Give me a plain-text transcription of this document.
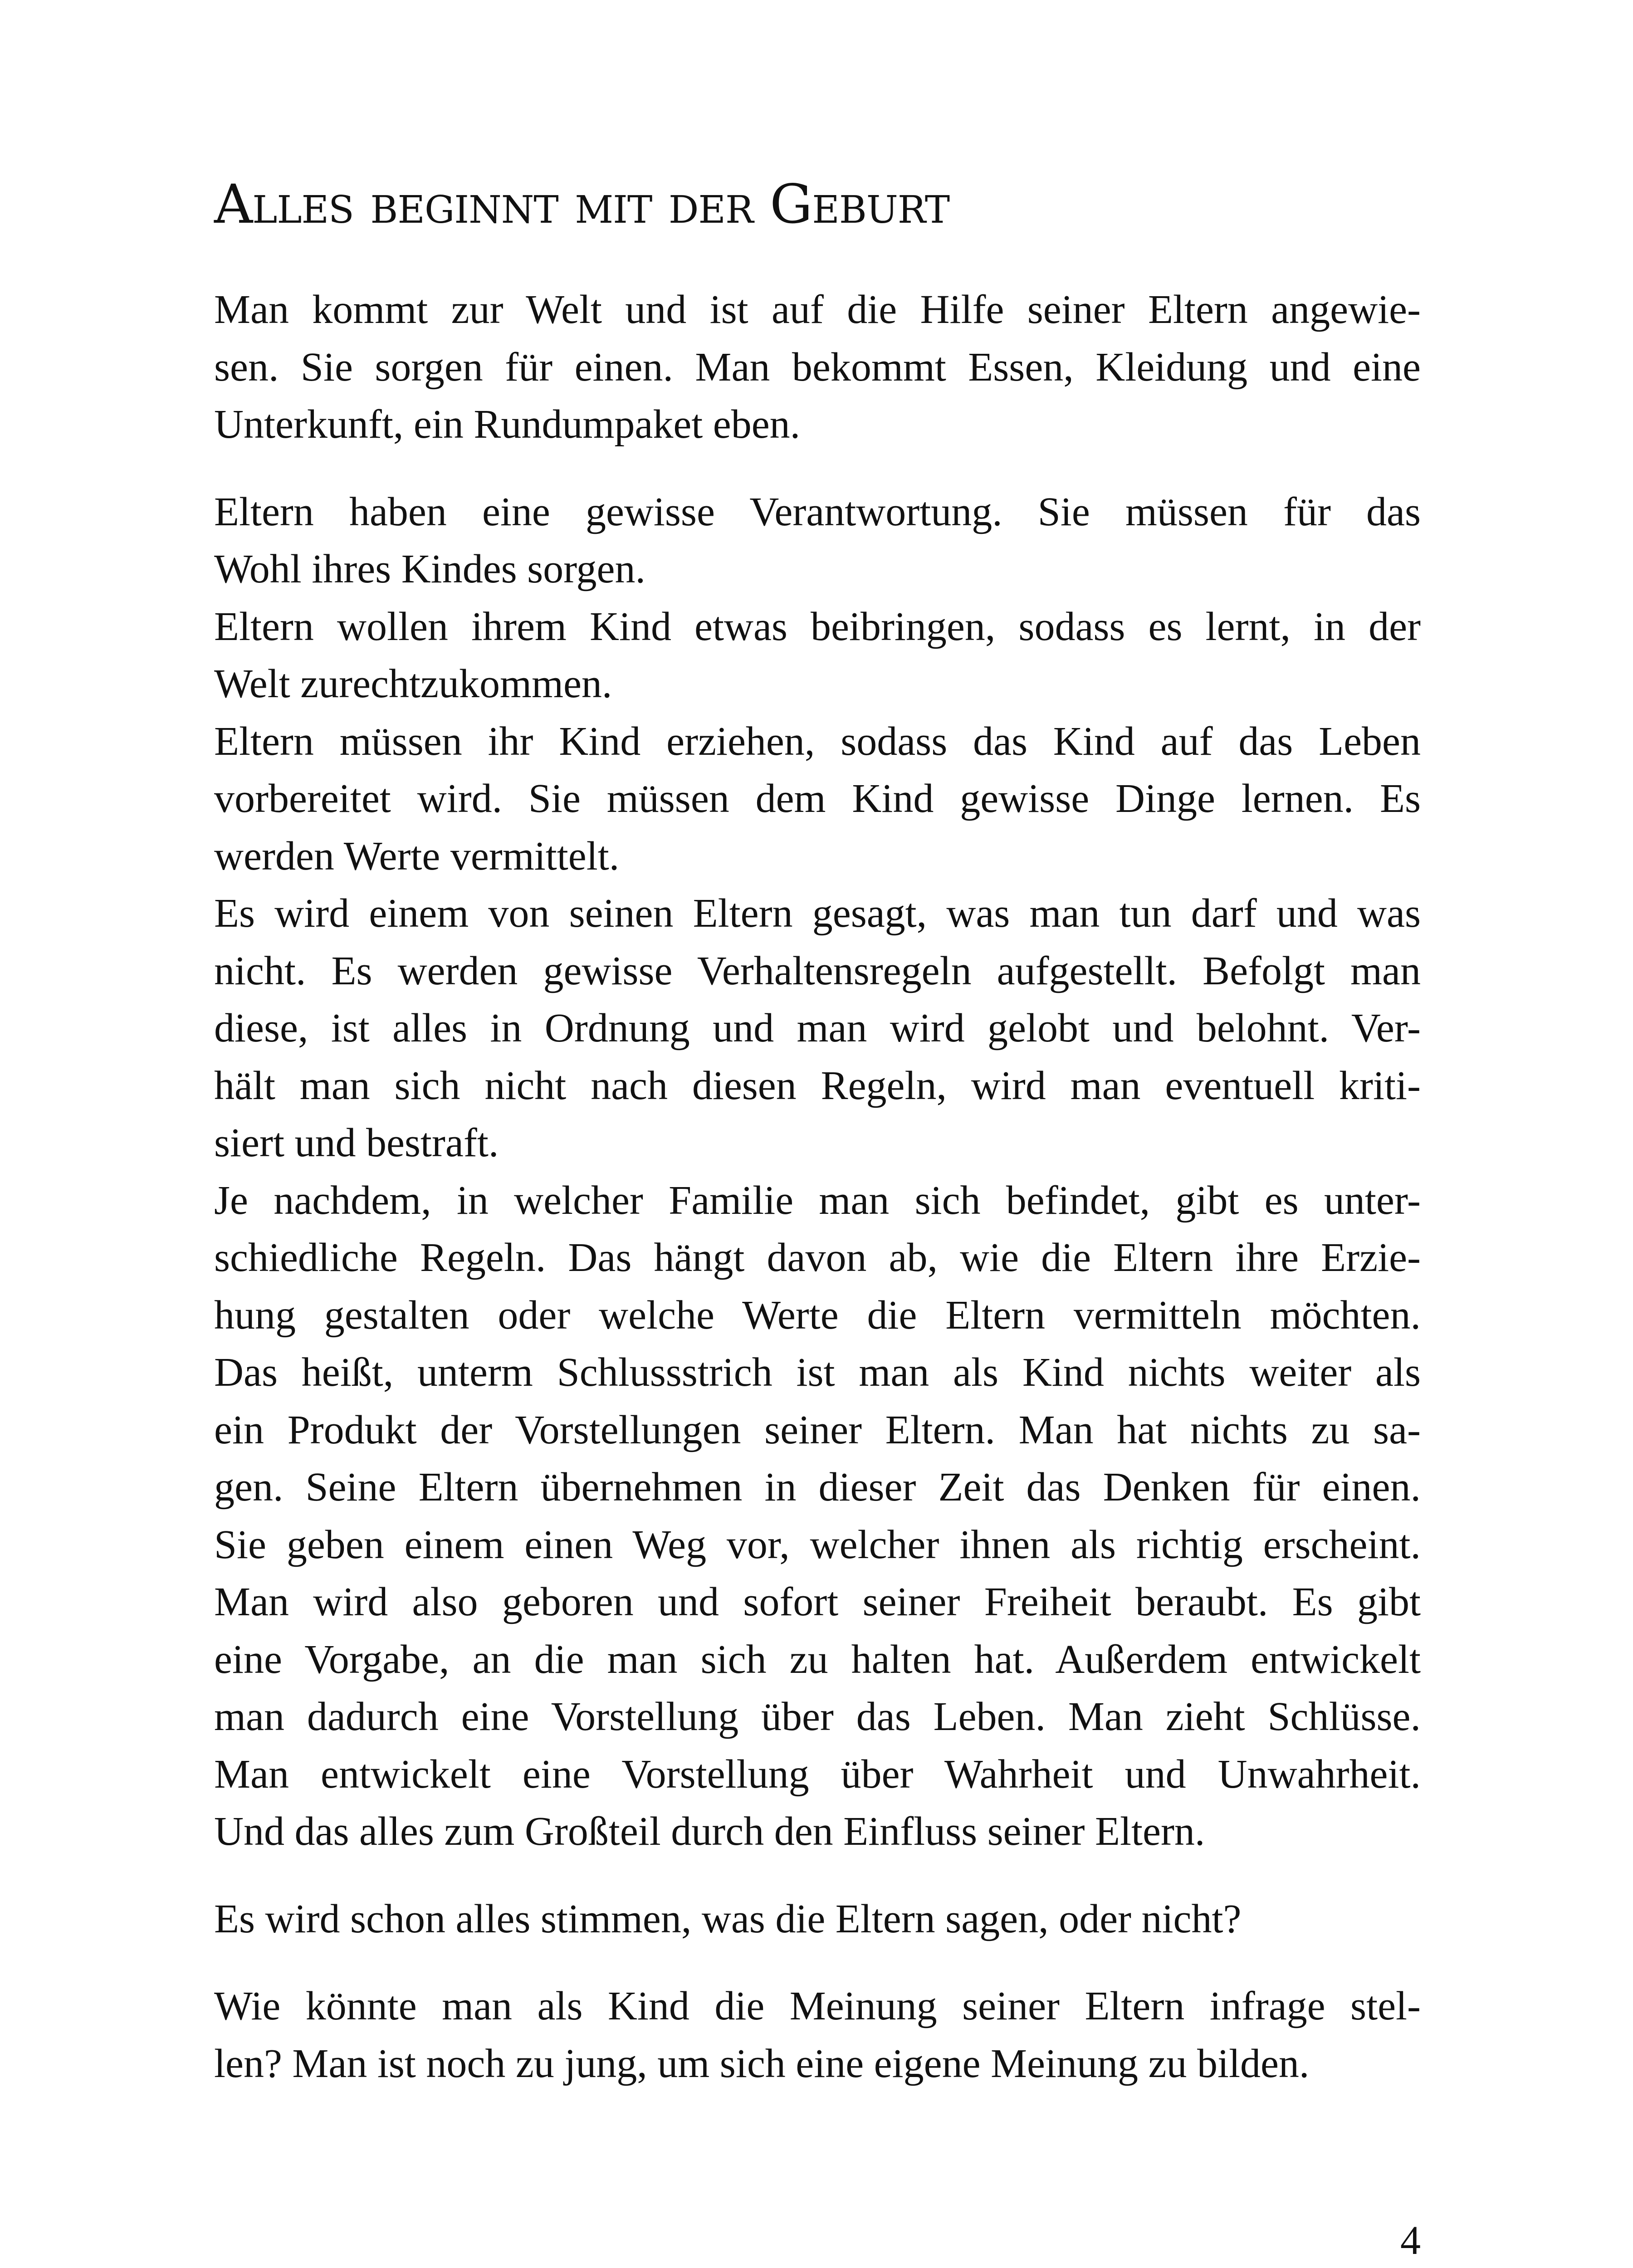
Alles beginnt mit der Geburt
Man kommt zur Welt und ist auf die Hilfe seiner Eltern angewie-
sen. Sie sorgen für einen. Man bekommt Essen, Kleidung und eine
Unterkunft, ein Rundumpaket eben.
Eltern haben eine gewisse Verantwortung. Sie müssen für das
Wohl ihres Kindes sorgen.
Eltern wollen ihrem Kind etwas beibringen, sodass es lernt, in der
Welt zurechtzukommen.
Eltern müssen ihr Kind erziehen, sodass das Kind auf das Leben
vorbereitet wird. Sie müssen dem Kind gewisse Dinge lernen. Es
werden Werte vermittelt.
Es wird einem von seinen Eltern gesagt, was man tun darf und was
nicht. Es werden gewisse Verhaltensregeln aufgestellt. Befolgt man
diese, ist alles in Ordnung und man wird gelobt und belohnt. Ver-
hält man sich nicht nach diesen Regeln, wird man eventuell kriti-
siert und bestraft.
Je nachdem, in welcher Familie man sich befindet, gibt es unter-
schiedliche Regeln. Das hängt davon ab, wie die Eltern ihre Erzie-
hung gestalten oder welche Werte die Eltern vermitteln möchten.
Das heißt, unterm Schlussstrich ist man als Kind nichts weiter als
ein Produkt der Vorstellungen seiner Eltern. Man hat nichts zu sa-
gen. Seine Eltern übernehmen in dieser Zeit das Denken für einen.
Sie geben einem einen Weg vor, welcher ihnen als richtig erscheint.
Man wird also geboren und sofort seiner Freiheit beraubt. Es gibt
eine Vorgabe, an die man sich zu halten hat. Außerdem entwickelt
man dadurch eine Vorstellung über das Leben. Man zieht Schlüsse.
Man entwickelt eine Vorstellung über Wahrheit und Unwahrheit.
Und das alles zum Großteil durch den Einfluss seiner Eltern.
Es wird schon alles stimmen, was die Eltern sagen, oder nicht?
Wie könnte man als Kind die Meinung seiner Eltern infrage stel-
len? Man ist noch zu jung, um sich eine eigene Meinung zu bilden.
4
